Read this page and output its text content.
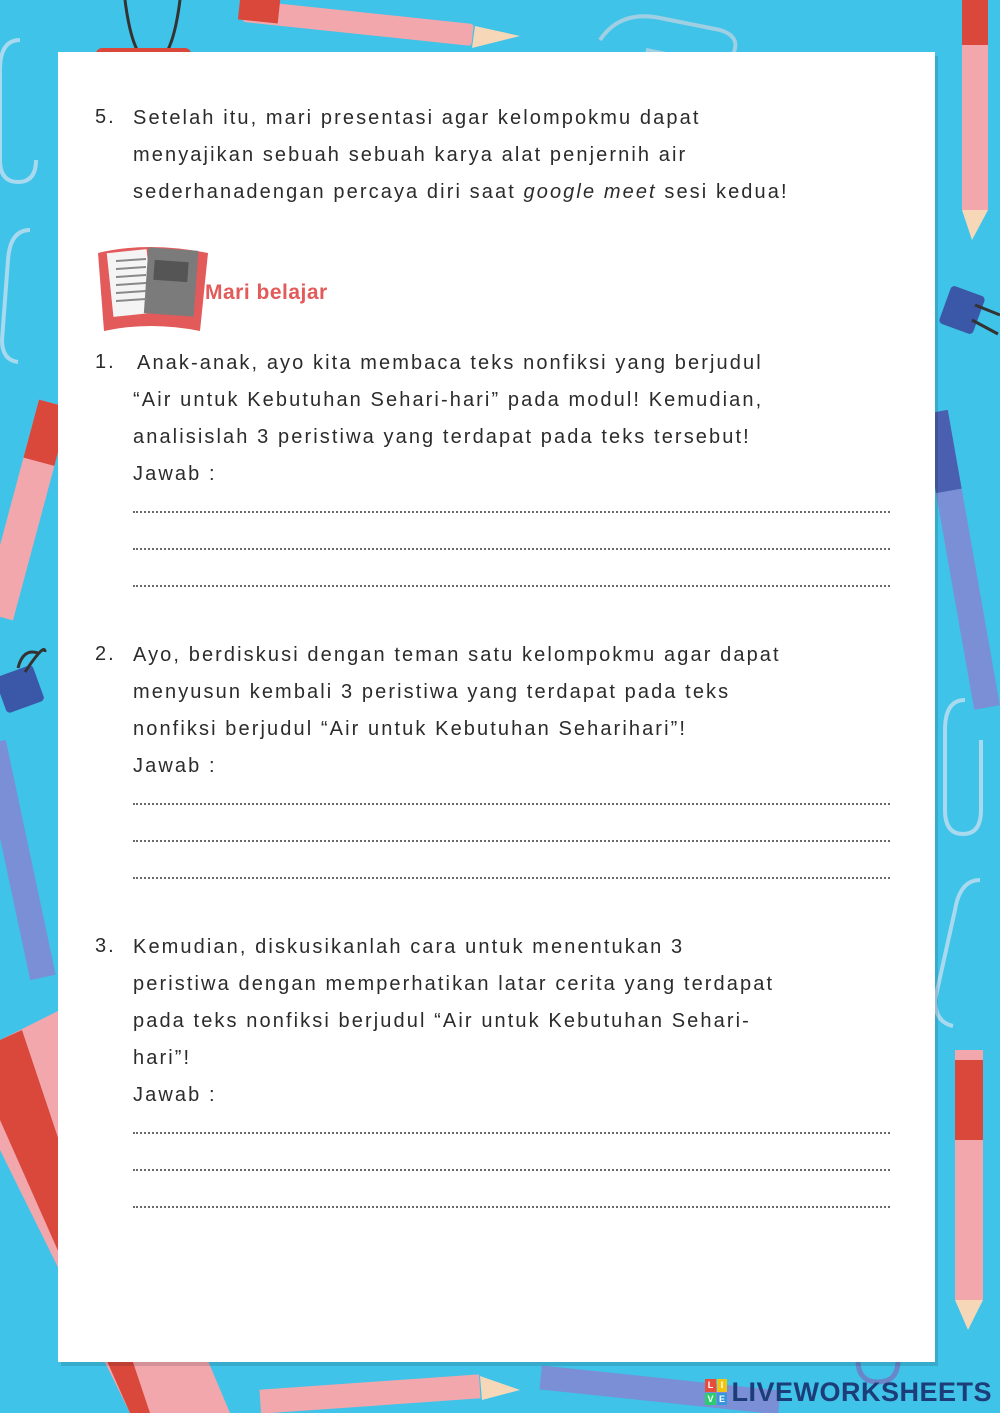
5. Setelah itu, mari presentasi agar kelompokmu dapat
menyajikan sebuah sebuah karya alat penjernih air
sederhanadengan percaya diri saat google meet sesi kedua!
Mari belajar
1. Anak-anak, ayo kita membaca teks nonfiksi yang berjudul
“Air untuk Kebutuhan Sehari-hari” pada modul! Kemudian,
analisislah 3 peristiwa yang terdapat pada teks tersebut!
Jawab :
2. Ayo, berdiskusi dengan teman satu kelompokmu agar dapat
menyusun kembali 3 peristiwa yang terdapat pada teks
nonfiksi berjudul “Air untuk Kebutuhan Seharihari”!
Jawab :
3. Kemudian, diskusikanlah cara untuk menentukan 3
peristiwa dengan memperhatikan latar cerita yang terdapat
pada teks nonfiksi berjudul “Air untuk Kebutuhan Sehari-
hari”!
Jawab :
L I
V E LIVEWORKSHEETS
